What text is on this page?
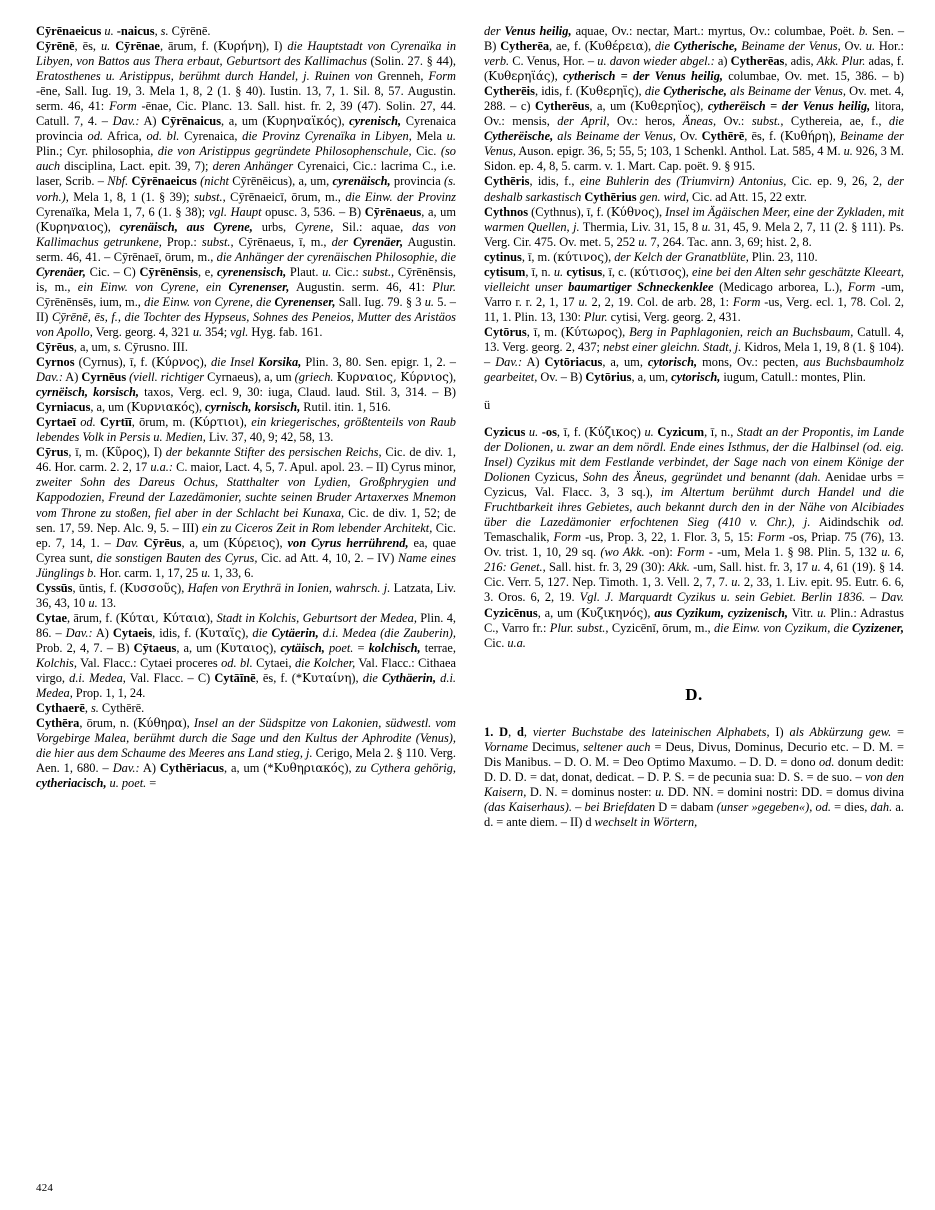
Cȳrēnaeicus u. -naicus, s. Cȳrēnē.

Cȳrēnē, ēs, u. Cȳrēnae, ārum, f. (Κυρήνη), I) die Hauptstadt von Cyrenaïka in Libyen, von Battos aus Thera erbaut, Geburtsort des Kallimachus (Solin. 27. § 44), Eratosthenes u. Aristippus, berühmt durch Handel, j. Ruinen von Grenneh, Form -ēne, Sall. Iug. 19, 3. Mela 1, 8, 2 (1. § 40). Iustin. 13, 7, 1. Sil. 8, 57. Augustin. serm. 46, 41: Form -ēnae, Cic. Planc. 13. Sall. hist. fr. 2, 39 (47). Solin. 27, 44. Catull. 7, 4. – Dav.: A) Cȳrēnaicus, a, um (Κυρηναϊκός), cyrenisch, Cyrenaica provincia od. Africa, od. bl. Cyrenaica, die Provinz Cyrenaïka in Libyen, Mela u. Plin.; Cyr. philosophia, die von Aristippus gegründete Philosophenschule, Cic. (so auch disciplina, Lact. epit. 39, 7); deren Anhänger Cyrenaici, Cic.: lacrima C., i.e. laser, Scrib. – Nbf. Cȳrēnaeicus (nicht Cȳrēnēicus), a, um, cyrenäisch, provincia (s. vorh.), Mela 1, 8, 1 (1. § 39); subst., Cȳrēnaeicī, ōrum, m., die Einw. der Provinz Cyrenaïka, Mela 1, 7, 6 (1. § 38); vgl. Haupt opusc. 3, 536. – B) Cȳrēnaeus, a, um (Κυρηναιος), cyrenäisch, aus Cyrene, urbs, Cyrene, Sil.: aquae, das von Kallimachus getrunkene, Prop.: subst., Cȳrēnaeus, ī, m., der Cyrenäer, Augustin. serm. 46, 41. – Cȳrēnaeī, ōrum, m., die Anhänger der cyrenäischen Philosophie, die Cyrenäer, Cic. – C) Cȳrēnēnsis, e, cyrenensisch, Plaut. u. Cic.: subst., Cȳrēnēnsis, is, m., ein Einw. von Cyrene, ein Cyrenenser, Augustin. serm. 46, 41: Plur. Cȳrēnēnsēs, ium, m., die Einw. von Cyrene, die Cyrenenser, Sall. Iug. 79. § 3 u. 5. – II) Cȳrēnē, ēs, f., die Tochter des Hypseus, Sohnes des Peneios, Mutter des Aristäos von Apollo, Verg. georg. 4, 321 u. 354; vgl. Hyg. fab. 161.

Cȳrēus, a, um, s. Cȳrusno. III.

Cyrnos (Cyrnus), ī, f. (Κύρνος), die Insel Korsika, Plin. 3, 80. Sen. epigr. 1, 2. – Dav.: A) Cyrnēus (viell. richtiger Cyrnaeus), a, um (griech. Κυρναιος, Κύρνιος), cyrnëisch, korsisch, taxos, Verg. ecl. 9, 30: iuga, Claud. laud. Stil. 3, 314. – B) Cyrniacus, a, um (Κυρνιακός), cyrnisch, korsisch, Rutil. itin. 1, 516.

Cyrtaeī od. Cyrtīī, ōrum, m. (Κύρτιοι), ein kriegerisches, größtenteils von Raub lebendes Volk in Persis u. Medien, Liv. 37, 40, 9; 42, 58, 13.

Cȳrus, ī, m. (Κῦρος), I) der bekannte Stifter des persischen Reichs, Cic. de div. 1, 46. Hor. carm. 2. 2, 17 u.a.: C. maior, Lact. 4, 5, 7. Apul. apol. 23. – II) Cyrus minor, zweiter Sohn des Dareus Ochus, Statthalter von Lydien, Großphrygien und Kappodozien, Freund der Lazedämonier, suchte seinen Bruder Artaxerxes Mnemon vom Throne zu stoßen, fiel aber in der Schlacht bei Kunaxa, Cic. de div. 1, 52; de sen. 17, 59. Nep. Alc. 9, 5. – III) ein zu Ciceros Zeit in Rom lebender Architekt, Cic. ep. 7, 14, 1. – Dav. Cȳrēus, a, um (Κύρειος), von Cyrus herrührend, ea, quae Cyrea sunt, die sonstigen Bauten des Cyrus, Cic. ad Att. 4, 10, 2. – IV) Name eines Jünglings b. Hor. carm. 1, 17, 25 u. 1, 33, 6.

Cyssūs, ūntis, f. (Κυσσοῦς), Hafen von Erythrä in Ionien, wahrsch. j. Latzata, Liv. 36, 43, 10 u. 13.

Cytae, ārum, f. (Κύται, Κύταια), Stadt in Kolchis, Geburtsort der Medea, Plin. 4, 86. – Dav.: A) Cytaeis, idis, f. (Κυταϊς), die Cytäerin, d.i. Medea (die Zauberin), Prob. 2, 4, 7. – B) Cȳtaeus, a, um (Κυταιος), cytäisch, poet. = kolchisch, terrae, Kolchis, Val. Flacc.: Cytaei proceres od. bl. Cytaei, die Kolcher, Val. Flacc.: Cithaea virgo, d.i. Medea, Val. Flacc. – C) Cytāīnē, ēs, f. (*Κυταίνη), die Cythäerin, d.i. Medea, Prop. 1, 1, 24.

Cythaerē, s. Cythērē.

Cythēra, ōrum, n. (Κύθηρα), Insel an der Südspitze von Lakonien, südwestl. vom Vorgebirge Malea, berühmt durch die Sage und den Kultus der Aphrodite (Venus), die hier aus dem Schaume des Meeres ans Land stieg, j. Cerigo, Mela 2. § 110. Verg. Aen. 1, 680. – Dav.: A) Cythēriacus, a, um (*Κυθηριακός), zu Cythera gehörig, cytheriacisch, u. poet. =

der Venus heilig, aquae, Ov.: nectar, Mart.: myrtus, Ov.: columbae, Poët. b. Sen. – B) Cytherēa, ae, f. (Κυθέρεια), die Cytherische, Beiname der Venus, Ov. u. Hor.: verb. C. Venus, Hor. – u. davon wieder abgel.: a) Cytherēas, adis, Akk. Plur. adas, f. (Κυθερηϊάς), cytherisch = der Venus heilig, columbae, Ov. met. 15, 386. – b) Cytherēis, idis, f. (Κυθερηϊς), die Cytherische, als Beiname der Venus, Ov. met. 4, 288. – c) Cytherēus, a, um (Κυθερηϊος), cytherëisch = der Venus heilig, litora, Ov.: mensis, der April, Ov.: heros, Äneas, Ov.: subst., Cythereia, ae, f., die Cytherëische, als Beiname der Venus, Ov. Cythērē, ēs, f. (Κυθήρη), Beiname der Venus, Auson. epigr. 36, 5; 55, 5; 103, 1 Schenkl. Anthol. Lat. 585, 4 M. u. 926, 3 M. Sidon. ep. 4, 8, 5. carm. v. 1. Mart. Cap. poët. 9. § 915.

Cythēris, idis, f., eine Buhlerin des (Triumvirn) Antonius, Cic. ep. 9, 26, 2, der deshalb sarkastisch Cythērius gen. wird, Cic. ad Att. 15, 22 extr.

Cythnos (Cythnus), ī, f. (Κύθνος), Insel im Ägäischen Meer, eine der Zykladen, mit warmen Quellen, j. Thermia, Liv. 31, 15, 8 u. 31, 45, 9. Mela 2, 7, 11 (2. § 111). Ps. Verg. Cir. 475. Ov. met. 5, 252 u. 7, 264. Tac. ann. 3, 69; hist. 2, 8.

cytinus, ī, m. (κύτινος), der Kelch der Granatblüte, Plin. 23, 110.

cytisum, ī, n. u. cytisus, ī, c. (κύτισος), eine bei den Alten sehr geschätzte Kleeart, vielleicht unser baumartiger Schneckenklee (Medicago arborea, L.), Form -um, Varro r. r. 2, 1, 17 u. 2, 2, 19. Col. de arb. 28, 1: Form -us, Verg. ecl. 1, 78. Col. 2, 11, 1. Plin. 13, 130: Plur. cytisi, Verg. georg. 2, 431.

Cytōrus, ī, m. (Κύτωρος), Berg in Paphlagonien, reich an Buchsbaum, Catull. 4, 13. Verg. georg. 2, 437; nebst einer gleichn. Stadt, j. Kidros, Mela 1, 19, 8 (1. § 104). – Dav.: A) Cytōriacus, a, um, cytorisch, mons, Ov.: pecten, aus Buchsbaumholz gearbeitet, Ov. – B) Cytōrius, a, um, cytorisch, iugum, Catull.: montes, Plin.

ü

Cyzicus u. -os, ī, f. (Κύζικος) u. Cyzicum, ī, n., Stadt an der Propontis, im Lande der Dolionen, u. zwar an dem nördl. Ende eines Isthmus, der die Halbinsel (od. eig. Insel) Cyzikus mit dem Festlande verbindet, der Sage nach von einem Könige der Dolionen Cyzicus, Sohn des Äneus, gegründet und benannt (dah. Aenidae urbs = Cyzicus, Val. Flacc. 3, 3 sq.), im Altertum berühmt durch Handel und die Fruchtbarkeit ihres Gebietes, auch bekannt durch den in der Nähe von Alcibiades über die Lazedämonier erfochtenen Sieg (410 v. Chr.), j. Aidindschik od. Temaschalik, Form -us, Prop. 3, 22, 1. Flor. 3, 5, 15: Form -os, Priap. 75 (76), 13. Ov. trist. 1, 10, 29 sq. (wo Akk. -on): Form - -um, Mela 1. § 98. Plin. 5, 132 u. 6, 216: Genet., Sall. hist. fr. 3, 29 (30): Akk. -um, Sall. hist. fr. 3, 17 u. 4, 61 (19). § 14. Cic. Verr. 5, 127. Nep. Timoth. 1, 3. Vell. 2, 7, 7. u. 2, 33, 1. Liv. epit. 95. Eutr. 6. 6, 3. Oros. 6, 2, 19. Vgl. J. Marquardt Cyzikus u. sein Gebiet. Berlin 1836. – Dav. Cyzicēnus, a, um (Κυζικηνός), aus Cyzikum, cyzizenisch, Vitr. u. Plin.: Adrastus C., Varro fr.: Plur. subst., Cyzicēnī, ōrum, m., die Einw. von Cyzikum, die Cyzizener, Cic. u.a.

D.

1. D, d, vierter Buchstabe des lateinischen Alphabets, I) als Abkürzung gew. = Vorname Decimus, seltener auch = Deus, Divus, Dominus, Decurio etc. – D. M. = Dis Manibus. – D. O. M. = Deo Optimo Maxumo. – D. D. = dono od. donum dedit: D. D. D. = dat, donat, dedicat. – D. P. S. = de pecunia sua: D. S. = de suo. – von den Kaisern, D. N. = dominus noster: u. DD. NN. = domini nostri: DD. = domus divina (das Kaiserhaus). – bei Briefdaten D = dabam (unser »gegeben«), od. = dies, dah. a. d. = ante diem. – II) d wechselt in Wörtern,

424
